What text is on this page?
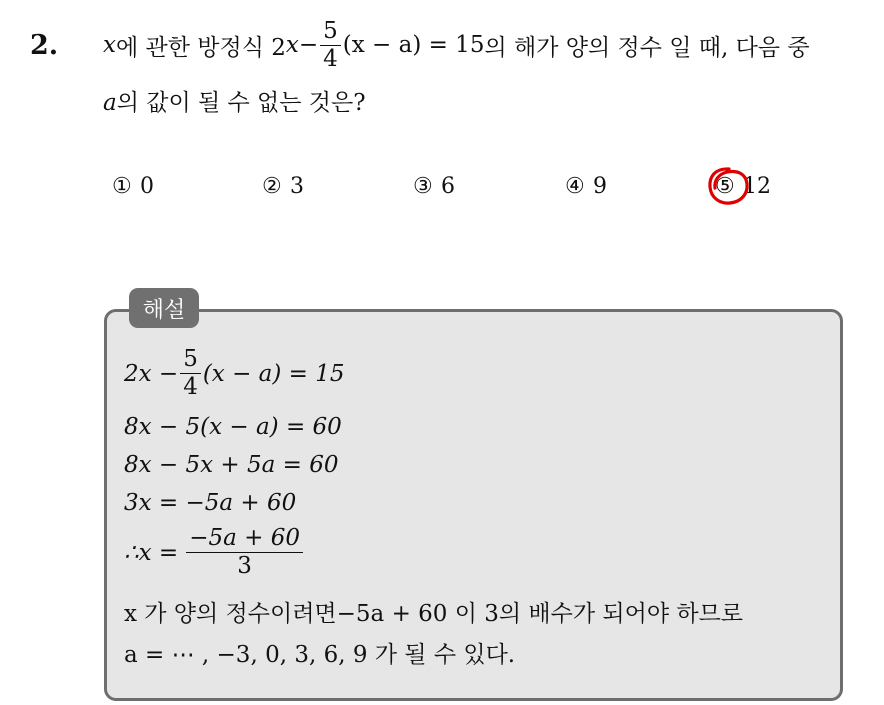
2. x 에 관한 방정식 2 $x - \frac{5}{4} (x - a) = 15$ 의 해가 양의 정수 일 때, 다음 중
a의 값이 될 수 없는 것은?
① 0	② 3	③ 6	④ 9	⑤ 12
해설
$2x - \frac{5}{4} (x - a) = 15$
8x − 5(x − a) = 60
8x − 5x + 5a = 60
3x = −5a + 60
∴x = $\frac{-5a + 60}{3}$
x 가 양의 정수이려면−5a + 60 이 3의 배수가 되어야 하므로
a = ⋯ , −3, 0, 3, 6, 9 가 될 수 있다.
